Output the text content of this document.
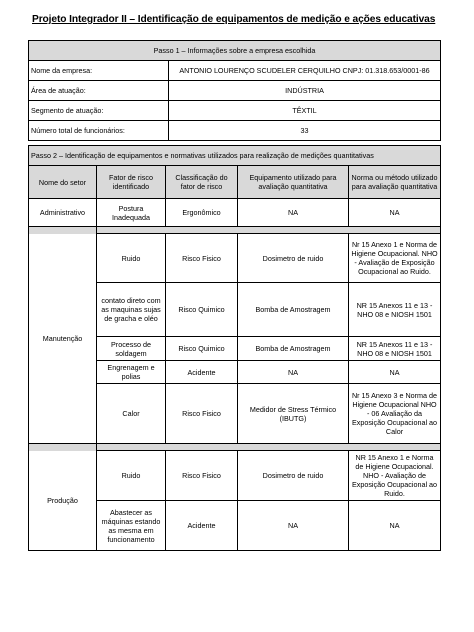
Projeto Integrador II – Identificação de equipamentos de medição e ações educativas
Passo 1 – Informações sobre a empresa escolhida	
Nome da empresa:	ANTONIO LOURENÇO SCUDELER CERQUILHO CNPJ: 01.318.653/0001-86
Área de atuação:	INDÚSTRIA
Segmento de atuação:	TÊXTIL
Número total de funcionários:	33
Passo 2 – Identificação de equipamentos e normativas utilizados para realização de medições quantitativas				
Nome do setor	Fator de risco identificado	Classificação do fator de risco	Equipamento utilizado para avaliação quantitativa	Norma ou método utilizado para avaliação quantitativa
Administrativo	Postura Inadequada	Ergonômico	NA	NA

Manutenção	Ruido	Risco Fisico	Dosimetro de ruido	Nr 15 Anexo 1 e Norma de Higiene Ocupacional. NHO - Avaliação de Exposição Ocupacional ao Ruido.
	contato direto com as maquinas sujas de gracha e oléo	Risco Quimico	Bomba de Amostragem	NR 15 Anexos 11 e 13 - NHO 08 e NIOSH 1501
	Processo de soldagem	Risco Quimico	Bomba de Amostragem	NR 15 Anexos 11 e 13 - NHO 08 e NIOSH 1501
	Engrenagem e polias	Acidente	NA	NA
	Calor	Risco Fisico	Medidor de Stress Térmico (IBUTG)	Nr 15 Anexo 3 e Norma de Higiene Ocupacional NHO - 06 Avaliação da Exposição Ocupacional ao Calor

Produção	Ruido	Risco Fisico	Dosimetro de ruido	NR 15 Anexo 1 e Norma de Higiene Ocupacional. NHO - Avaliação de Exposição Ocupacional ao Ruido.
	Abastecer as máquinas estando as mesma em funcionamento	Acidente	NA	NA
